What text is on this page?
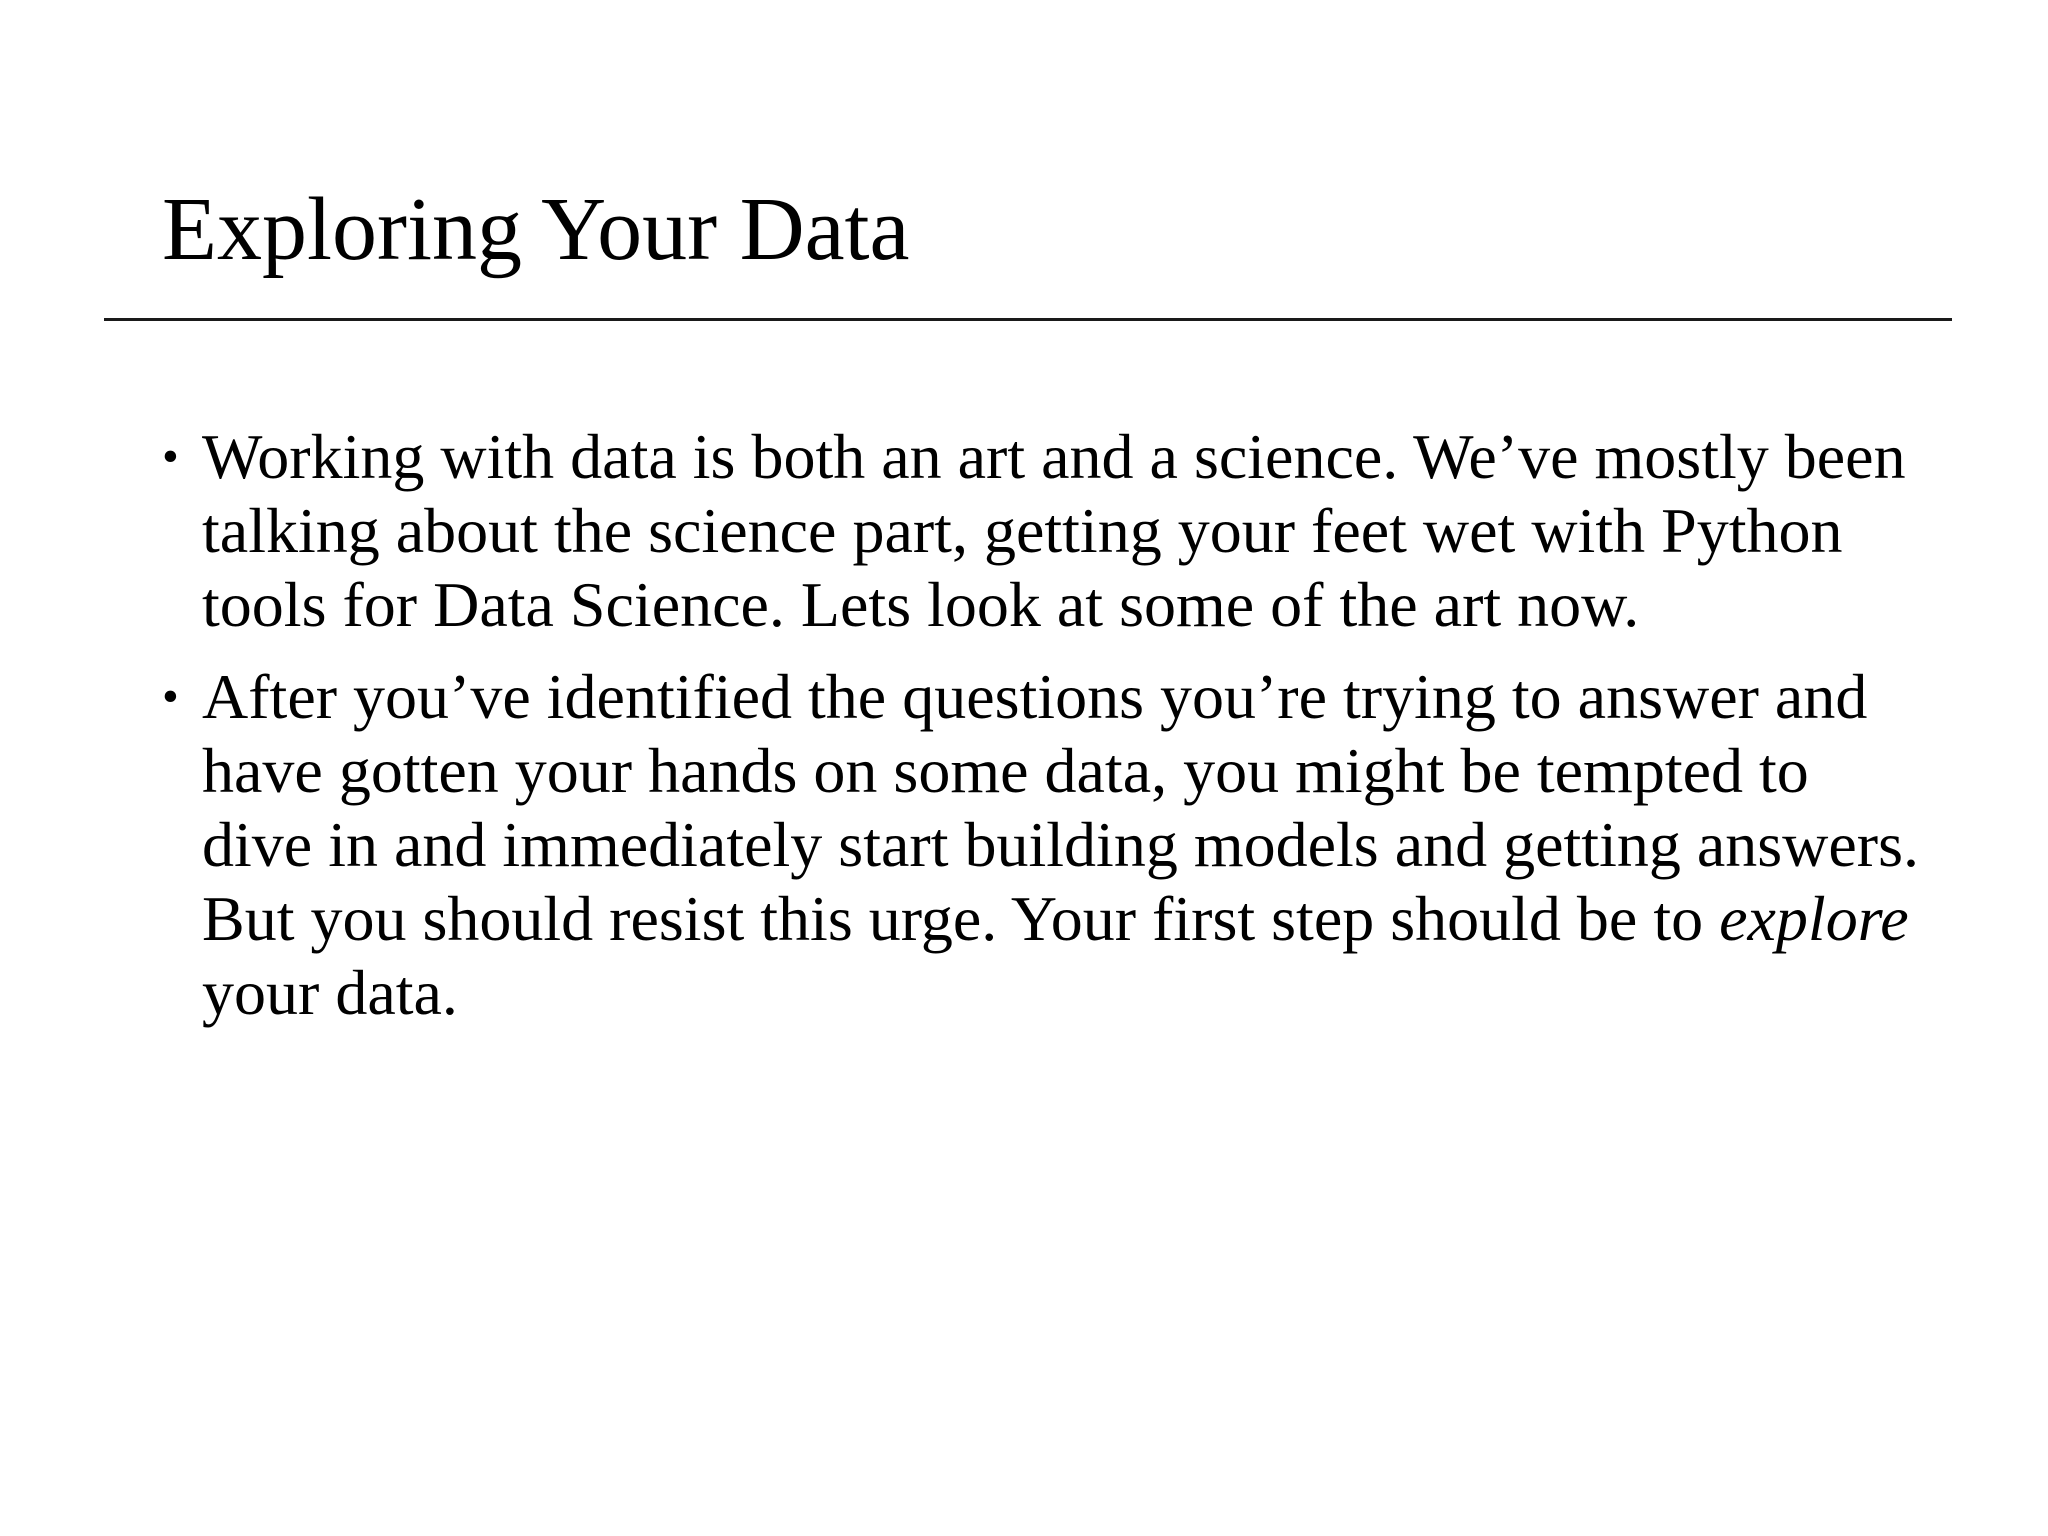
Exploring Your Data
• Working with data is both an art and a science. We’ve mostly been talking about the science part, getting your feet wet with Python tools for Data Science. Lets look at some of the art now.
• After you’ve identified the questions you’re trying to answer and have gotten your hands on some data, you might be tempted to dive in and immediately start building models and getting answers. But you should resist this urge. Your first step should be to explore your data.
